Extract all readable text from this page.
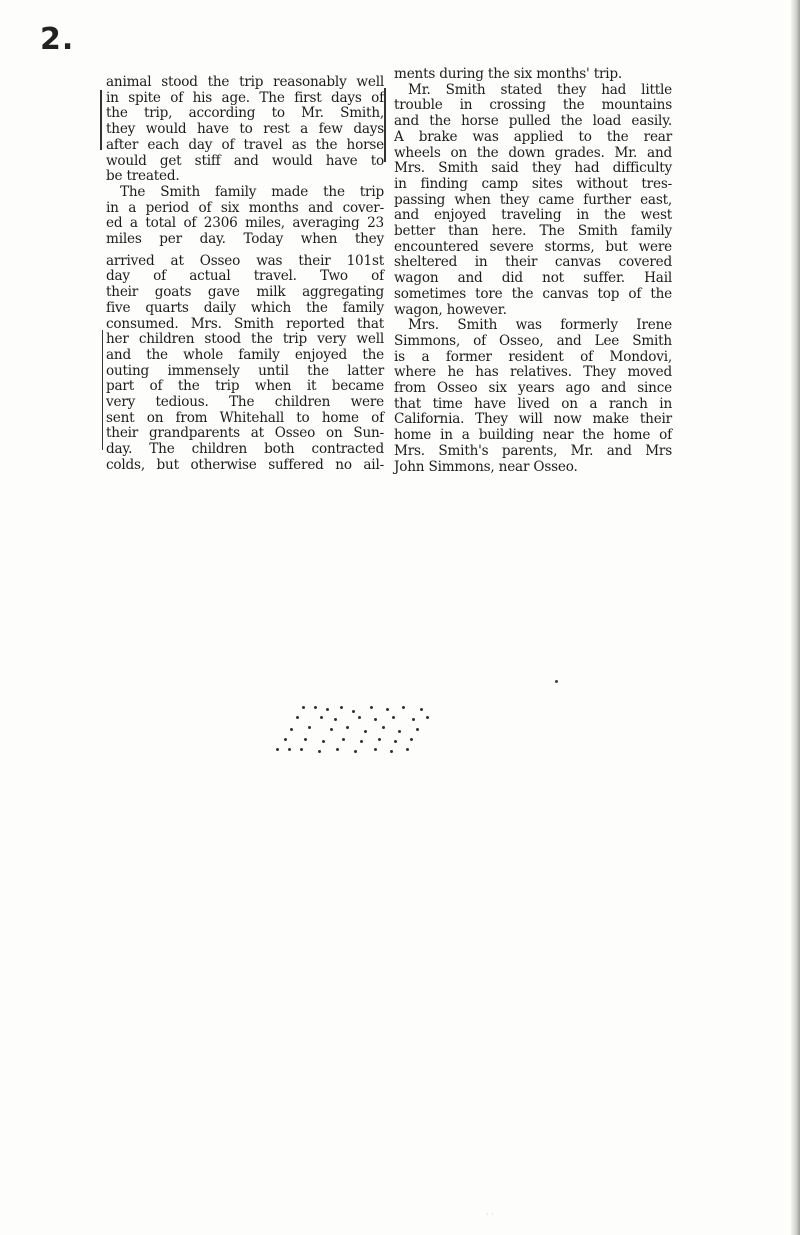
2.

animal stood the trip reasonably well

in spite of his age. The first days of

the trip, according to Mr. Smith,

they would have to rest a few days

after each day of travel as the horse

would get stiff and would have to

be treated.

The Smith family made the trip

in a period of six months and cover-

ed a total of 2306 miles, averaging 23

miles per day. Today when they

arrived at Osseo was their 101st

day of actual travel. Two of

their goats gave milk aggregating

five quarts daily which the family

consumed. Mrs. Smith reported that

her children stood the trip very well

and the whole family enjoyed the

outing immensely until the latter

part of the trip when it became

very tedious. The children were

sent on from Whitehall to home of

their grandparents at Osseo on Sun-

day. The children both contracted

colds, but otherwise suffered no ail-

ments during the six months' trip.

Mr. Smith stated they had little

trouble in crossing the mountains

and the horse pulled the load easily.

A brake was applied to the rear

wheels on the down grades. Mr. and

Mrs. Smith said they had difficulty

in finding camp sites without tres-

passing when they came further east,

and enjoyed traveling in the west

better than here. The Smith family

encountered severe storms, but were

sheltered in their canvas covered

wagon and did not suffer. Hail

sometimes tore the canvas top of the

wagon, however.

Mrs. Smith was formerly Irene

Simmons, of Osseo, and Lee Smith

is a former resident of Mondovi,

where he has relatives. They moved

from Osseo six years ago and since

that time have lived on a ranch in

California. They will now make their

home in a building near the home of

Mrs. Smith's parents, Mr. and Mrs

John Simmons, near Osseo.

· ·
